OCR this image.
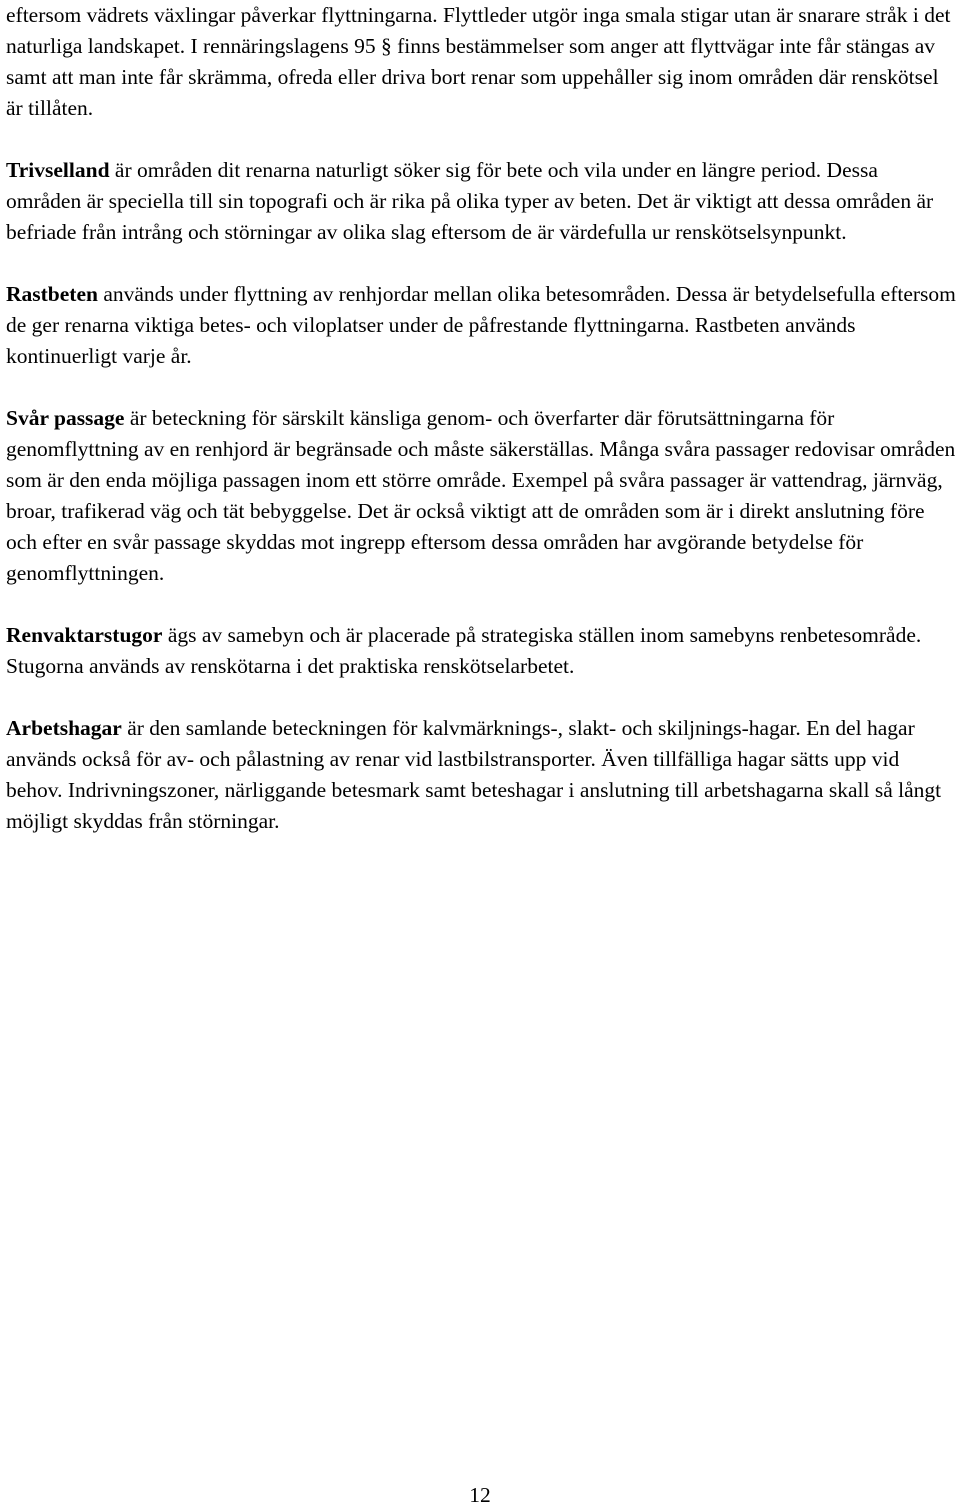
eftersom vädrets växlingar påverkar flyttningarna. Flyttleder utgör inga smala stigar utan är snarare stråk i det naturliga landskapet. I rennäringslagens 95 § finns bestämmelser som anger att flyttvägar inte får stängas av samt att man inte får skrämma, ofreda eller driva bort renar som uppehåller sig inom områden där renskötsel är tillåten.

Trivselland är områden dit renarna naturligt söker sig för bete och vila under en längre period. Dessa områden är speciella till sin topografi och är rika på olika typer av beten. Det är viktigt att dessa områden är befriade från intrång och störningar av olika slag eftersom de är värdefulla ur renskötselsynpunkt.

Rastbeten används under flyttning av renhjordar mellan olika betesområden. Dessa är betydelsefulla eftersom de ger renarna viktiga betes- och viloplatser under de påfrestande flyttningarna. Rastbeten används kontinuerligt varje år.

Svår passage är beteckning för särskilt känsliga genom- och överfarter där förutsättningarna för genomflyttning av en renhjord är begränsade och måste säkerställas. Många svåra passager redovisar områden som är den enda möjliga passagen inom ett större område. Exempel på svåra passager är vattendrag, järnväg, broar, trafikerad väg och tät bebyggelse. Det är också viktigt att de områden som är i direkt anslutning före och efter en svår passage skyddas mot ingrepp eftersom dessa områden har avgörande betydelse för genomflyttningen.

Renvaktarstugor ägs av samebyn och är placerade på strategiska ställen inom samebyns renbetesområde. Stugorna används av renskötarna i det praktiska renskötselarbetet.

Arbetshagar är den samlande beteckningen för kalvmärknings-, slakt- och skiljnings-hagar. En del hagar används också för av- och pålastning av renar vid lastbilstransporter. Även tillfälliga hagar sätts upp vid behov. Indrivningszoner, närliggande betesmark samt beteshagar i anslutning till arbetshagarna skall så långt möjligt skyddas från störningar.

12
